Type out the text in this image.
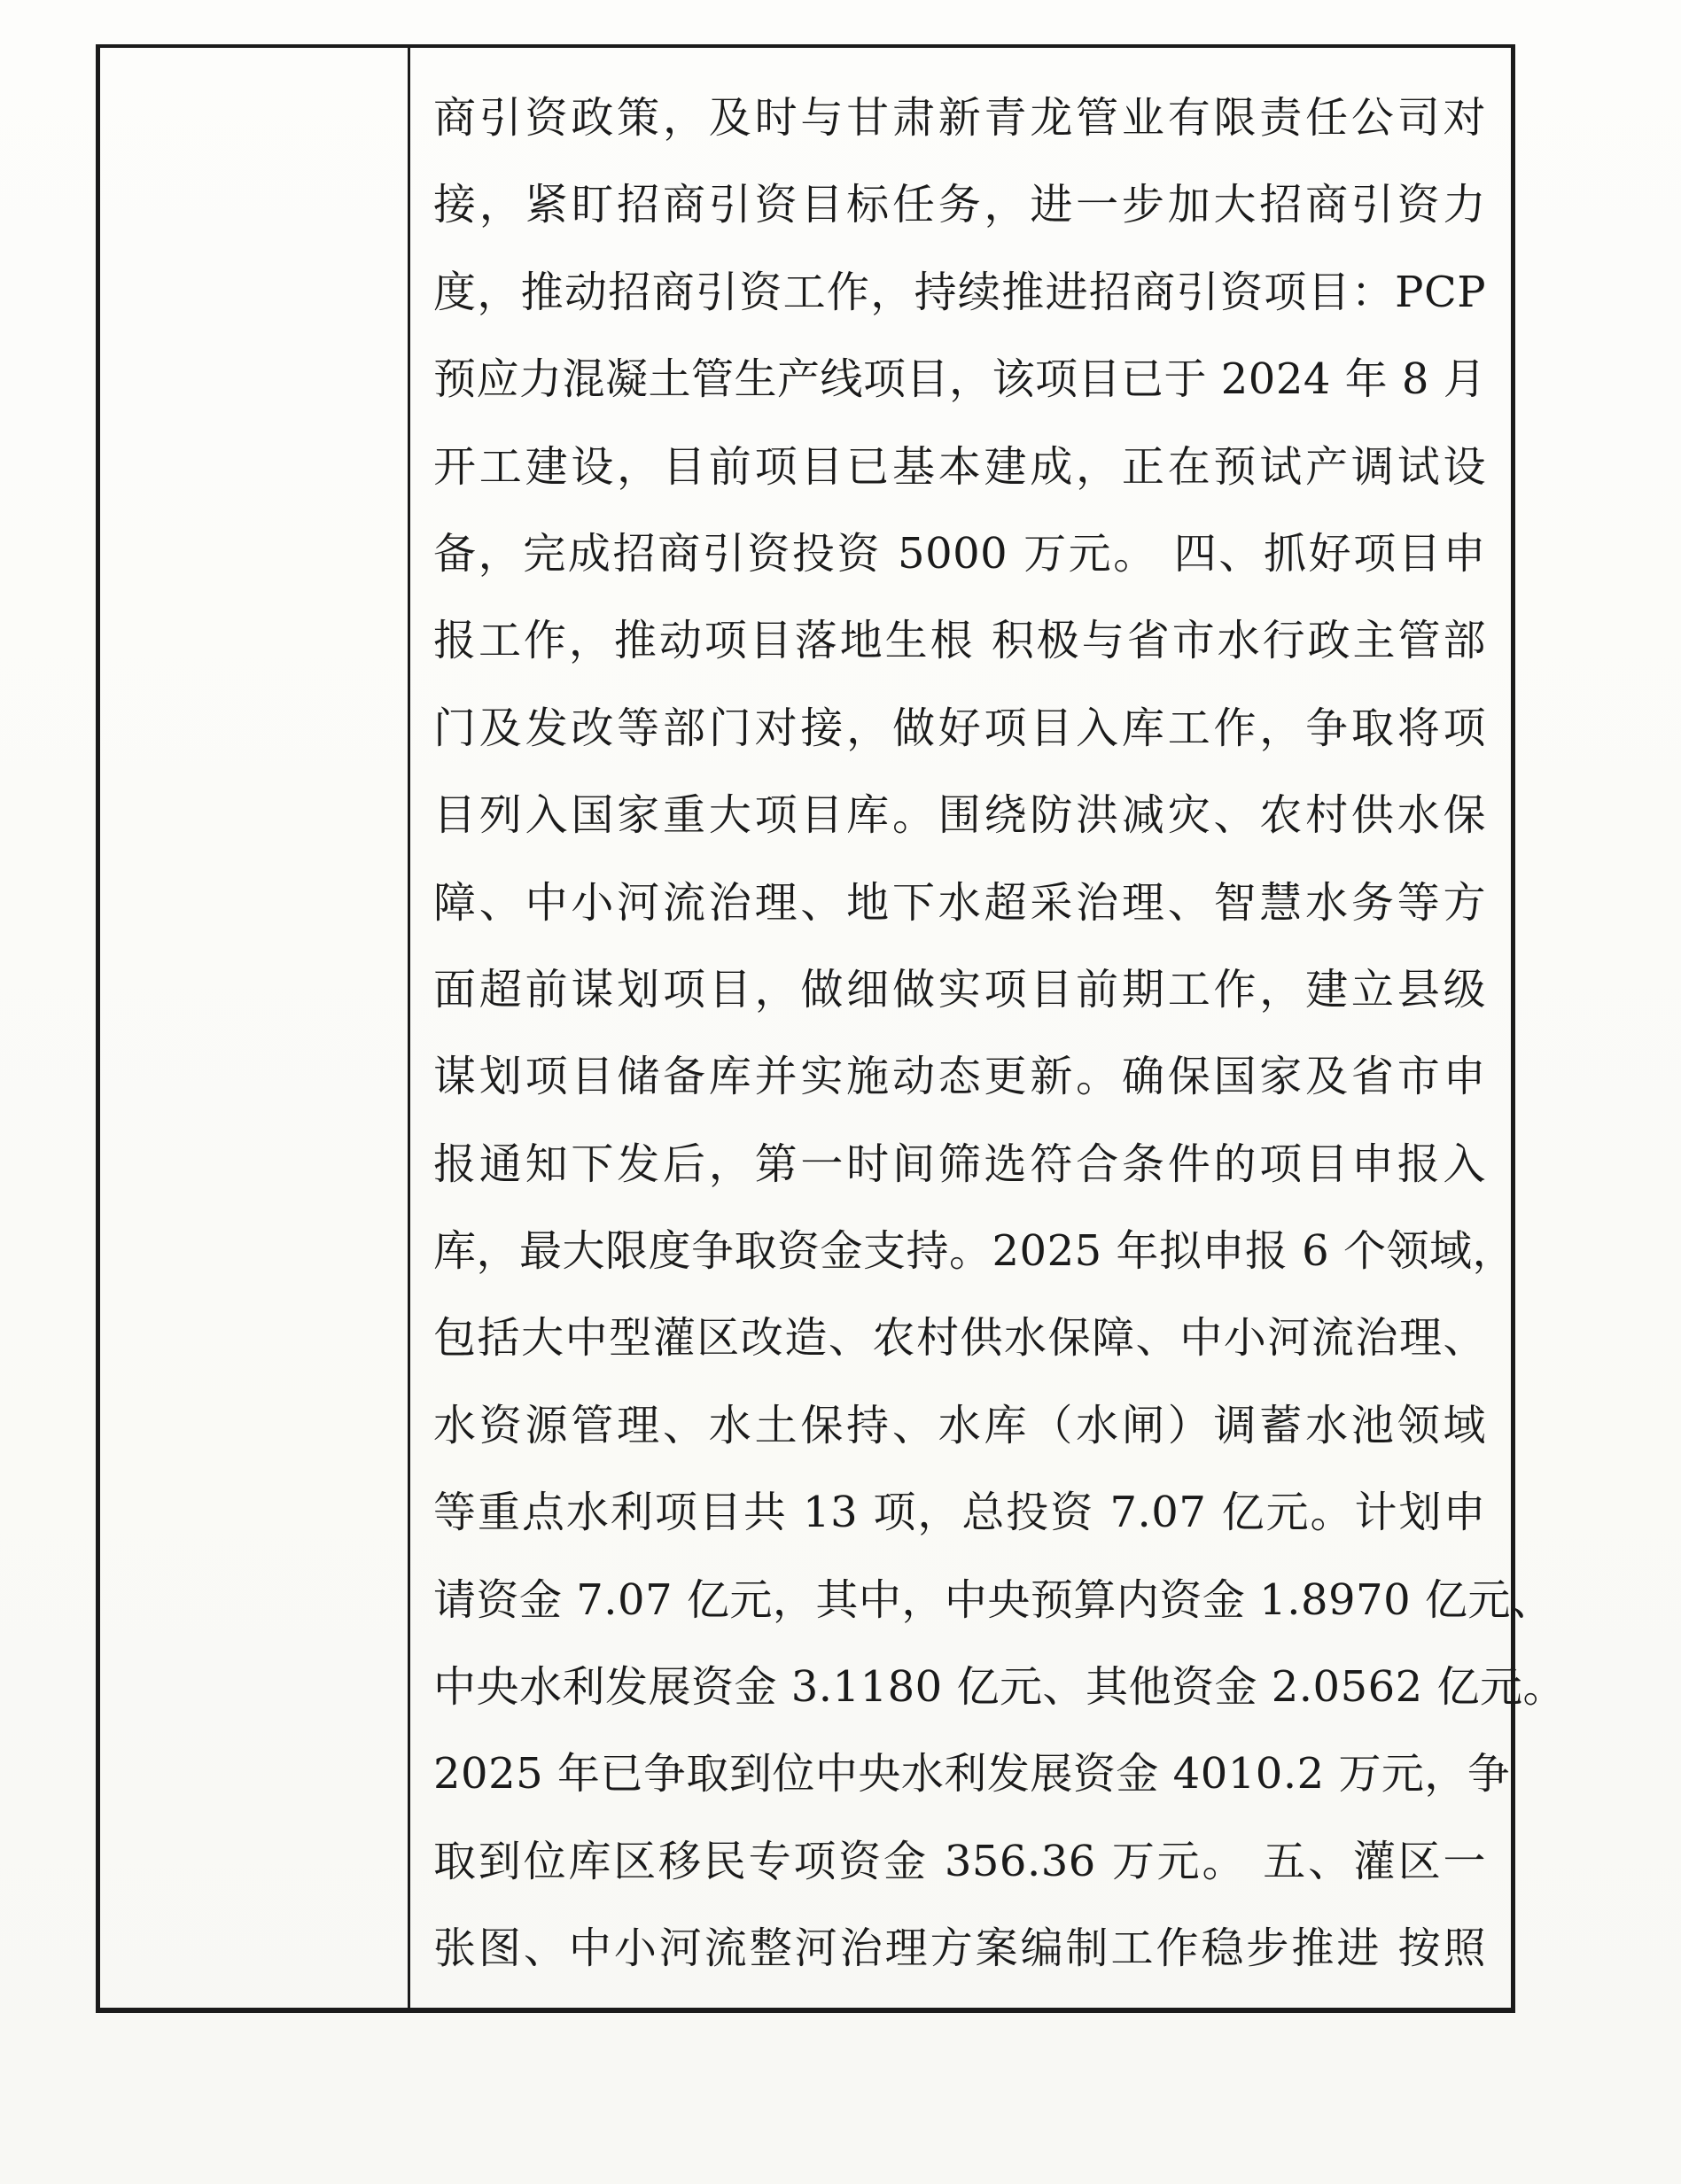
商引资政策，及时与甘肃新青龙管业有限责任公司对
接，紧盯招商引资目标任务，进一步加大招商引资力
度，推动招商引资工作，持续推进招商引资项目：PCP
预应力混凝土管生产线项目，该项目已于 2024 年 8 月
开工建设，目前项目已基本建成，正在预试产调试设
备，完成招商引资投资 5000 万元。 四、抓好项目申
报工作，推动项目落地生根 积极与省市水行政主管部
门及发改等部门对接，做好项目入库工作，争取将项
目列入国家重大项目库。围绕防洪减灾、农村供水保
障、中小河流治理、地下水超采治理、智慧水务等方
面超前谋划项目，做细做实项目前期工作，建立县级
谋划项目储备库并实施动态更新。确保国家及省市申
报通知下发后，第一时间筛选符合条件的项目申报入
库，最大限度争取资金支持。2025 年拟申报 6 个领域，
包括大中型灌区改造、农村供水保障、中小河流治理、
水资源管理、水土保持、水库（水闸）调蓄水池领域
等重点水利项目共 13 项，总投资 7.07 亿元。计划申
请资金 7.07 亿元，其中，中央预算内资金 1.8970 亿元、
中央水利发展资金 3.1180 亿元、其他资金 2.0562 亿元。
2025 年已争取到位中央水利发展资金 4010.2 万元，争
取到位库区移民专项资金 356.36 万元。 五、灌区一
张图、中小河流整河治理方案编制工作稳步推进 按照
